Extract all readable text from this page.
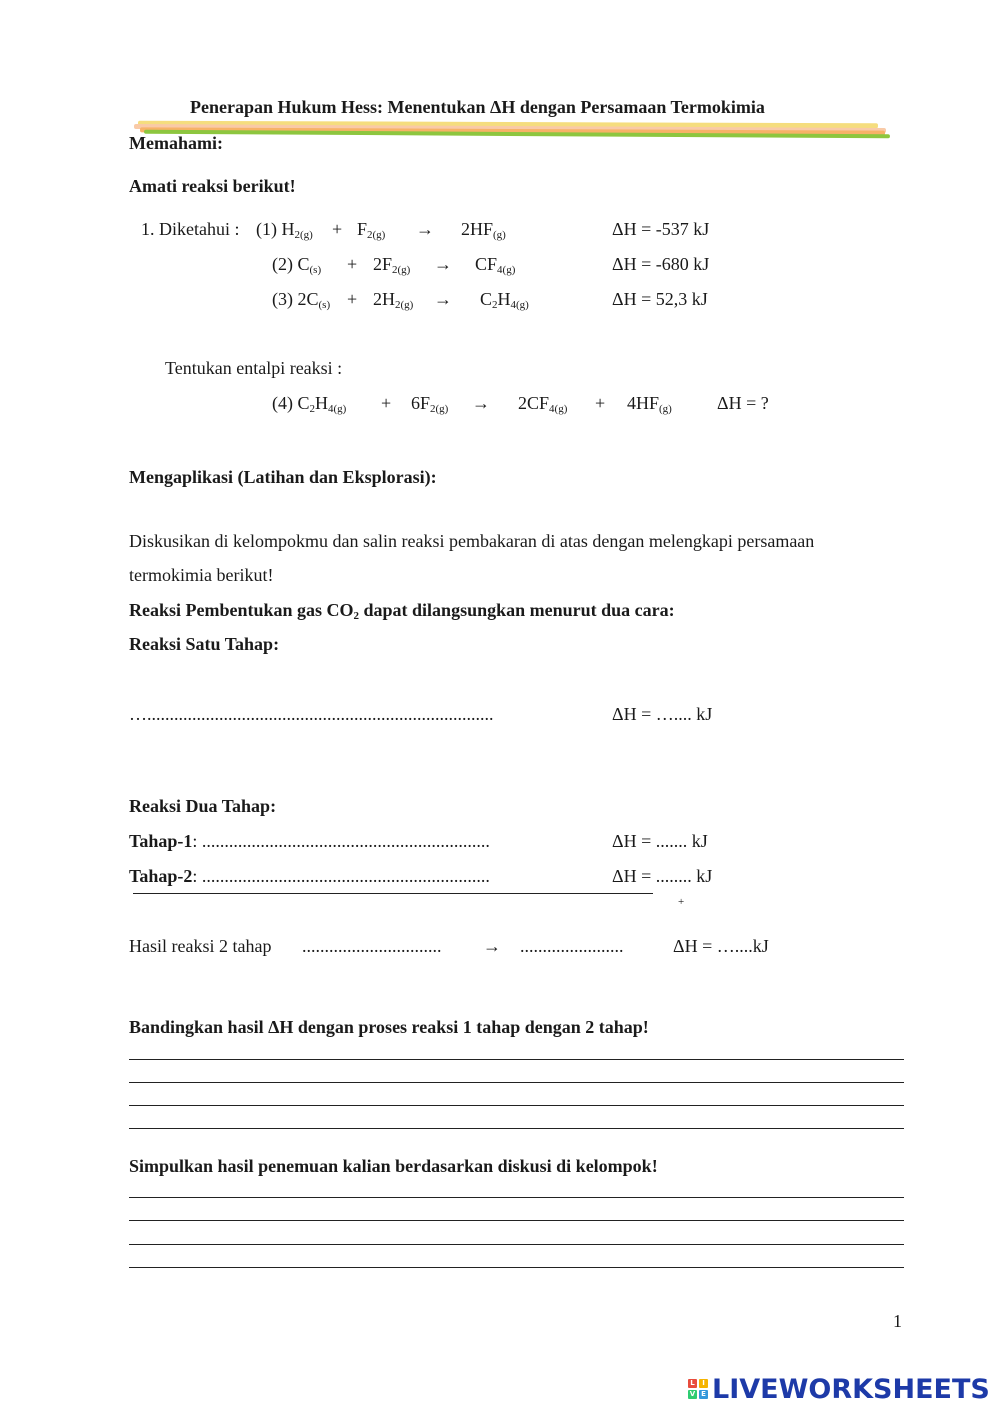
Penerapan Hukum Hess: Menentukan ΔH dengan Persamaan Termokimia
Memahami:
Amati reaksi berikut!
1. Diketahui : (1) $H_{2(g)} + F_{2(g)} \to 2HF_{(g)}$	ΔH = -537 kJ
(2) $C_{(s)} + 2F_{2(g)} \to CF_{4(g)}$	ΔH = -680 kJ
(3) $2C_{(s)} + 2H_{2(g)} \to C_2H_{4(g)}$	ΔH = 52,3 kJ
Tentukan entalpi reaksi :
(4) $C_2H_{4(g)} + 6F_{2(g)} \to 2CF_{4(g)} + 4HF_{(g)}$	ΔH = ?
Mengaplikasi (Latihan dan Eksplorasi):
Diskusikan di kelompokmu dan salin reaksi pembakaran di atas dengan melengkapi persamaan
termokimia berikut!
Reaksi Pembentukan gas $CO_2$ dapat dilangsungkan menurut dua cara:
Reaksi Satu Tahap:
….............................................................................	ΔH = ….... kJ
Reaksi Dua Tahap:
Tahap-1: ................................................................	ΔH = ....... kJ
Tahap-2: ................................................................	ΔH = ........ kJ
+
Hasil reaksi 2 tahap ............................... → .......................	ΔH = …....kJ
Bandingkan hasil ΔH dengan proses reaksi 1 tahap dengan 2 tahap!
Simpulkan hasil penemuan kalian berdasarkan diskusi di kelompok!
1
L	I
V E LIVEWORKSHEETS
